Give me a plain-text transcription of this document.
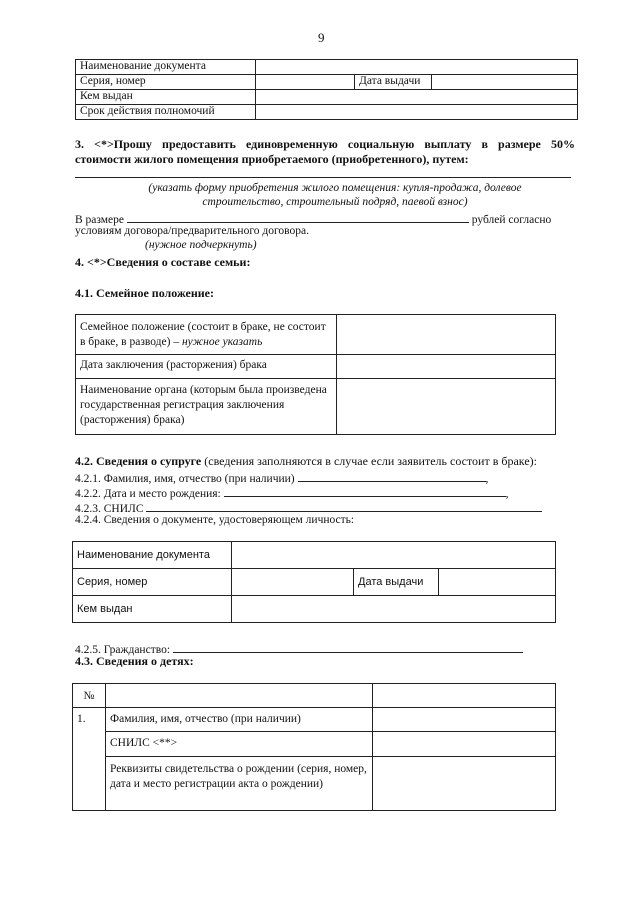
9
Наименование документа			
Серия, номер		Дата выдачи	
Кем выдан			
Срок действия полномочий			
3. <*>Прошу предоставить единовременную социальную выплату в размере 50% стоимости жилого помещения приобретаемого (приобретенного), путем:
(указать форму приобретения жилого помещения: купля-продажа, долевое строительство, строительный подряд, паевой взнос)
В размере	рублей согласно
условиям договора/предварительного договора.
(нужное подчеркнуть)
4. <*>Сведения о составе семьи:
4.1. Семейное положение:
Семейное положение (состоит в браке, не состоит в браке, в разводе) – нужное указать	
Дата заключения (расторжения) брака	
Наименование органа (которым была произведена государственная регистрация заключения (расторжения) брака)	
4.2. Сведения о супруге (сведения заполняются в случае если заявитель состоит в браке):
4.2.1. Фамилия, имя, отчество (при наличии)	,
4.2.2. Дата и место рождения:	,
4.2.3. СНИЛС
4.2.4. Сведения о документе, удостоверяющем личность:
Наименование документа			
Серия, номер		Дата выдачи	
Кем выдан			
4.2.5. Гражданство:
4.3. Сведения о детях:
№		
1.	Фамилия, имя, отчество (при наличии)	
	СНИЛС <**>	
	Реквизиты свидетельства о рождении (серия, номер, дата и место регистрации акта о рождении)	
